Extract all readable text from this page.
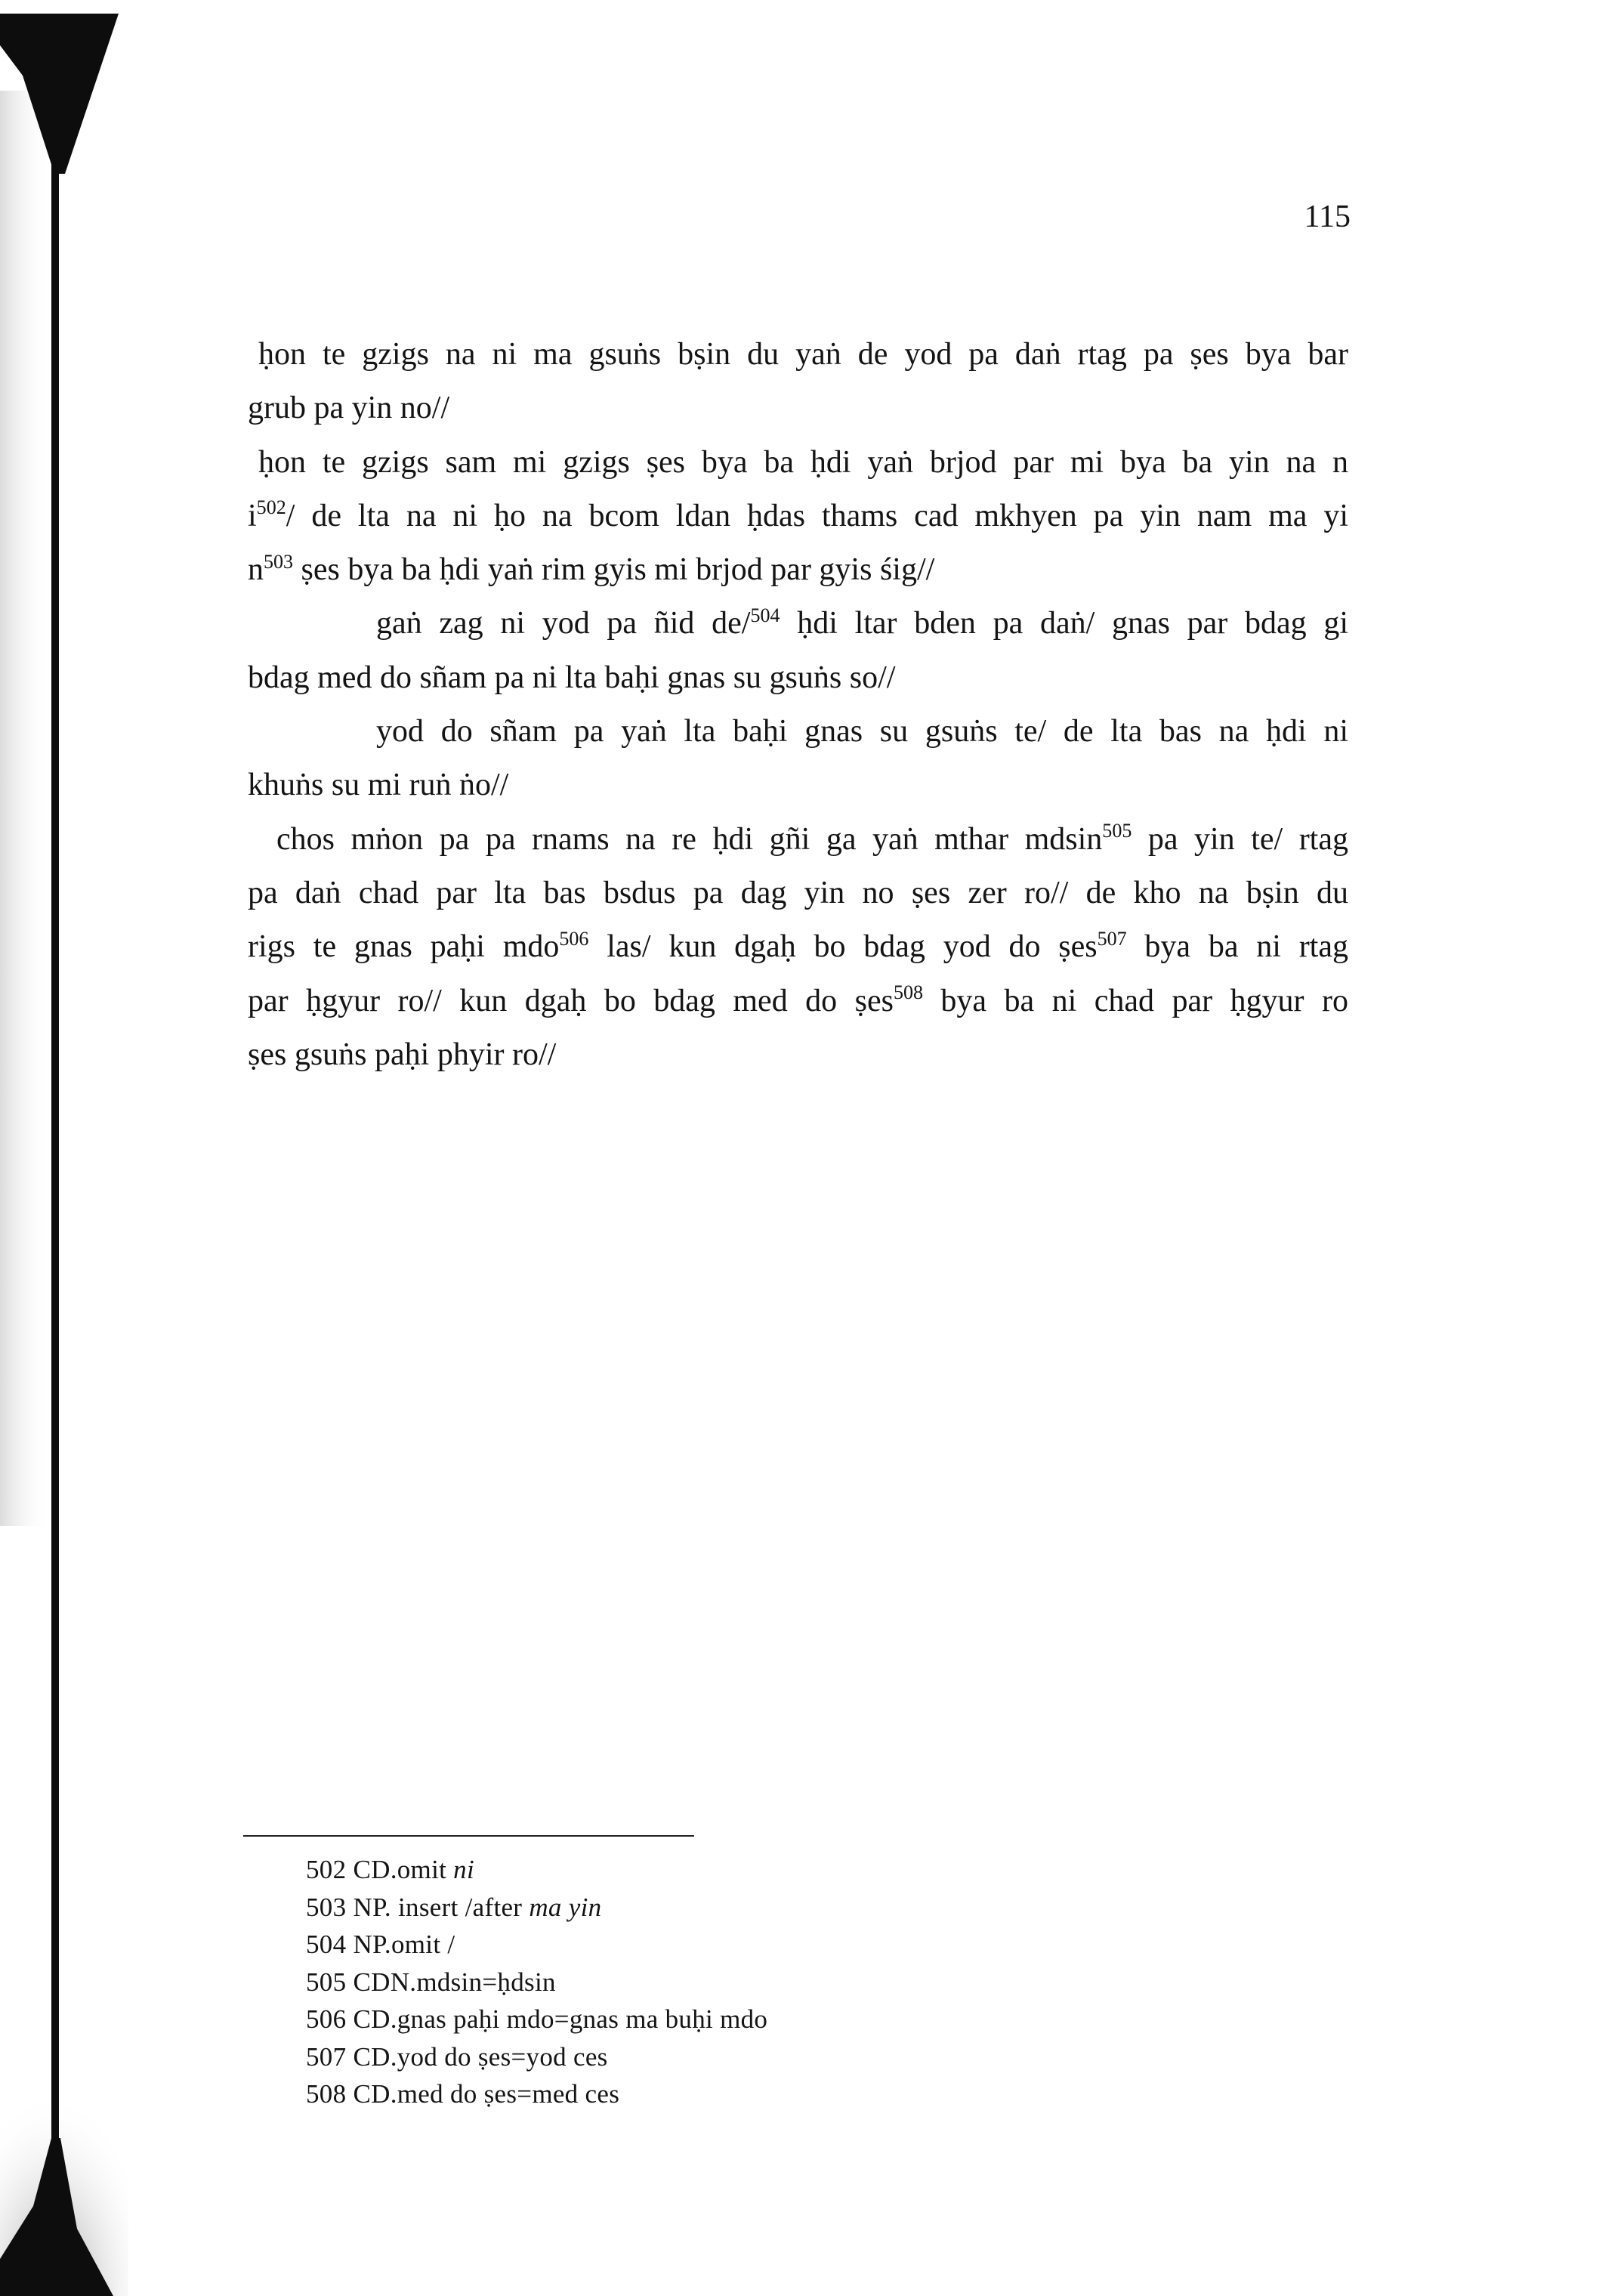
115
ḥon te gzigs na ni ma gsuṅs bṣin du yaṅ de yod pa daṅ rtag pa ṣes bya bar
grub pa yin no//
ḥon te gzigs sam mi gzigs ṣes bya ba ḥdi yaṅ brjod par mi bya ba yin na n
$i^{502}/$ de lta na ni ḥo na bcom ldan ḥdas thams cad mkhyen pa yin nam ma yi
$n^{503}$ ṣes bya ba ḥdi yaṅ rim gyis mi brjod par gyis śig//
gaṅ zag ni yod pa ñid de/$^{504}$ ḥdi ltar bden pa daṅ/ gnas par bdag gi
bdag med do sñam pa ni lta baḥi gnas su gsuṅs so//
yod do sñam pa yaṅ lta baḥi gnas su gsuṅs te/ de lta bas na ḥdi ni
khuṅs su mi ruṅ ṅo//
chos mṅon pa pa rnams na re ḥdi gñi ga yaṅ mthar mdsin$^{505}$ pa yin te/ rtag
pa daṅ chad par lta bas bsdus pa dag yin no ṣes zer ro// de kho na bṣin du
rigs te gnas paḥi mdo$^{506}$ las/ kun dgaḥ bo bdag yod do ṣes$^{507}$ bya ba ni rtag
par ḥgyur ro// kun dgaḥ bo bdag med do ṣes$^{508}$ bya ba ni chad par ḥgyur ro
ṣes gsuṅs paḥi phyir ro//
502 CD.omit ni
503 NP. insert /after ma yin
504 NP.omit /
505 CDN.mdsin=ḥdsin
506 CD.gnas paḥi mdo=gnas ma buḥi mdo
507 CD.yod do ṣes=yod ces
508 CD.med do ṣes=med ces
